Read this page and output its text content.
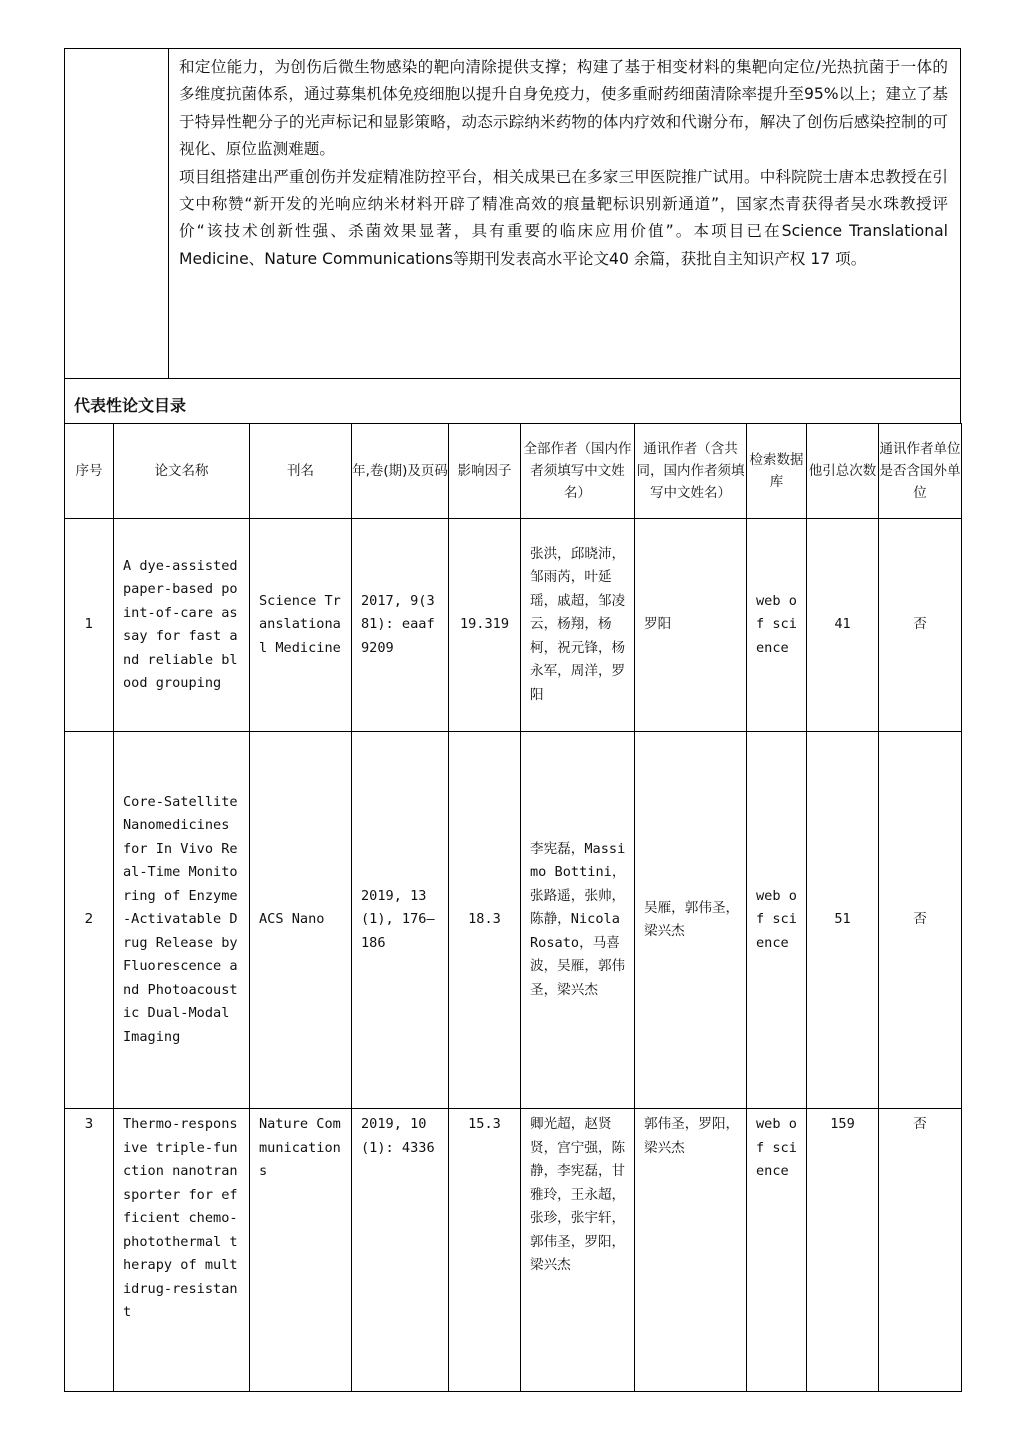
和定位能力，为创伤后微生物感染的靶向清除提供支撑；构建了基于相变材料的集靶向定位/光热抗菌于一体的多维度抗菌体系，通过募集机体免疫细胞以提升自身免疫力，使多重耐药细菌清除率提升至95%以上；建立了基于特异性靶分子的光声标记和显影策略，动态示踪纳米药物的体内疗效和代谢分布，解决了创伤后感染控制的可视化、原位监测难题。

项目组搭建出严重创伤并发症精准防控平台，相关成果已在多家三甲医院推广试用。中科院院士唐本忠教授在引文中称赞“新开发的光响应纳米材料开辟了精准高效的痕量靶标识别新通道”，国家杰青获得者吴水珠教授评价“该技术创新性强、杀菌效果显著，具有重要的临床应用价值”。本项目已在Science Translational Medicine、Nature Communications等期刊发表高水平论文40 余篇，获批自主知识产权 17 项。

代表性论文目录
序号	论文名称	刊名	年,卷(期)及页码	影响因子	全部作者（国内作者须填写中文姓名）	通讯作者（含共同，国内作者须填写中文姓名）	检索数据库	他引总次数	通讯作者单位是否含国外单位
1	A dye-assisted paper-based point-of-care assay for fast and reliable blood grouping	Science Translational Medicine	2017, 9(381): eaaf9209	19.319	张洪，邱晓沛，邹雨芮，叶延瑶，戚超，邹凌云，杨翔，杨柯，祝元锋，杨永军，周洋，罗阳	罗阳	web of science	41	否
2	Core-Satellite Nanomedicines for In Vivo Real-Time Monitoring of Enzyme-Activatable Drug Release by Fluorescence and Photoacoustic Dual-Modal Imaging	ACS Nano	2019, 13 (1), 176–186	18.3	李宪磊，Massimo Bottini，张路遥，张帅，陈静，Nicola Rosato，马喜波，吴雁，郭伟圣，梁兴杰	吴雁，郭伟圣，梁兴杰	web of science	51	否
3	Thermo-responsive triple-function nanotransporter for efficient chemo-photothermal therapy of multidrug-resistant	Nature Communications	2019, 10(1): 4336	15.3	卿光超，赵贤贤，宫宁强，陈静，李宪磊，甘雅玲，王永超，张珍，张宇轩，郭伟圣，罗阳，梁兴杰	郭伟圣，罗阳，梁兴杰	web of science	159	否
